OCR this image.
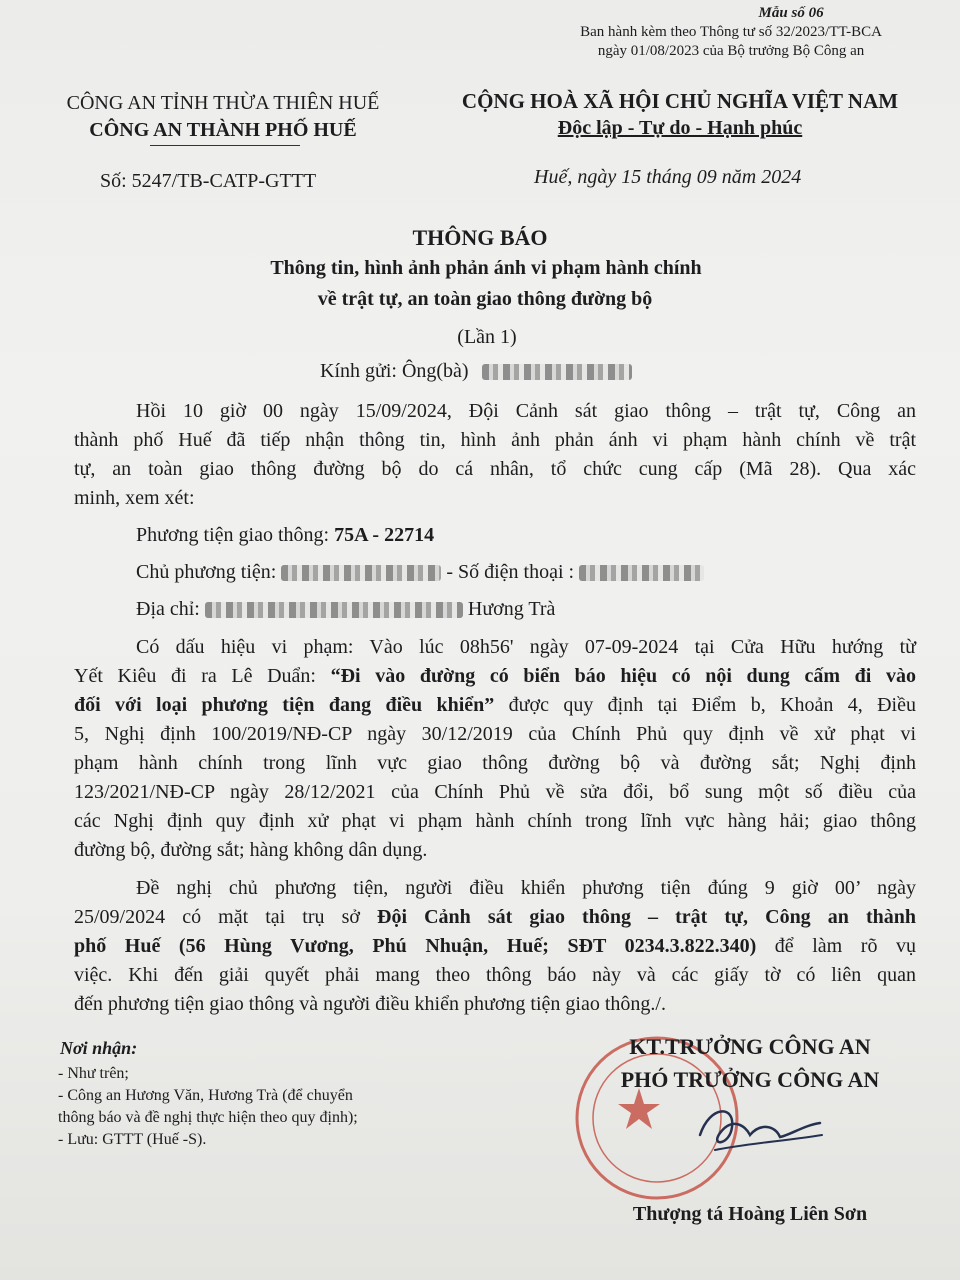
Mẫu số 06
Ban hành kèm theo Thông tư số 32/2023/TT-BCA
ngày 01/08/2023 của Bộ trưởng Bộ Công an
CÔNG AN TỈNH THỪA THIÊN HUẾ
CÔNG AN THÀNH PHỐ HUẾ
CỘNG HOÀ XÃ HỘI CHỦ NGHĨA VIỆT NAM
Độc lập - Tự do - Hạnh phúc
Số: 5247/TB-CATP-GTTT	Huế, ngày 15 tháng 09 năm 2024
THÔNG BÁO
Thông tin, hình ảnh phản ánh vi phạm hành chính
về trật tự, an toàn giao thông đường bộ
(Lần 1)
Kính gửi: Ông(bà)
Hồi 10 giờ 00 ngày 15/09/2024, Đội Cảnh sát giao thông – trật tự, Công an
thành phố Huế đã tiếp nhận thông tin, hình ảnh phản ánh vi phạm hành chính về trật
tự, an toàn giao thông đường bộ do cá nhân, tổ chức cung cấp (Mã 28). Qua xác
minh, xem xét:
Phương tiện giao thông: 75A - 22714
Chủ phương tiện:	- Số điện thoại :
Địa chỉ:	Hương Trà
Có dấu hiệu vi phạm: Vào lúc 08h56' ngày 07-09-2024 tại Cửa Hữu hướng từ
Yết Kiêu đi ra Lê Duẩn: “Đi vào đường có biển báo hiệu có nội dung cấm đi vào
đối với loại phương tiện đang điều khiển” được quy định tại Điểm b, Khoản 4, Điều
5, Nghị định 100/2019/NĐ-CP ngày 30/12/2019 của Chính Phủ quy định về xử phạt vi
phạm hành chính trong lĩnh vực giao thông đường bộ và đường sắt; Nghị định
123/2021/NĐ-CP ngày 28/12/2021 của Chính Phủ về sửa đổi, bổ sung một số điều của
các Nghị định quy định xử phạt vi phạm hành chính trong lĩnh vực hàng hải; giao thông
đường bộ, đường sắt; hàng không dân dụng.
Đề nghị chủ phương tiện, người điều khiển phương tiện đúng 9 giờ 00’ ngày
25/09/2024 có mặt tại trụ sở Đội Cảnh sát giao thông – trật tự, Công an thành
phố Huế (56 Hùng Vương, Phú Nhuận, Huế; SĐT 0234.3.822.340) để làm rõ vụ
việc. Khi đến giải quyết phải mang theo thông báo này và các giấy tờ có liên quan
đến phương tiện giao thông và người điều khiển phương tiện giao thông./.
Nơi nhận:
- Như trên;
- Công an Hương Văn, Hương Trà (để chuyển
thông báo và đề nghị thực hiện theo quy định);
- Lưu: GTTT (Huế -S).
KT.TRƯỞNG CÔNG AN
PHÓ TRƯỞNG CÔNG AN
Thượng tá Hoàng Liên Sơn
